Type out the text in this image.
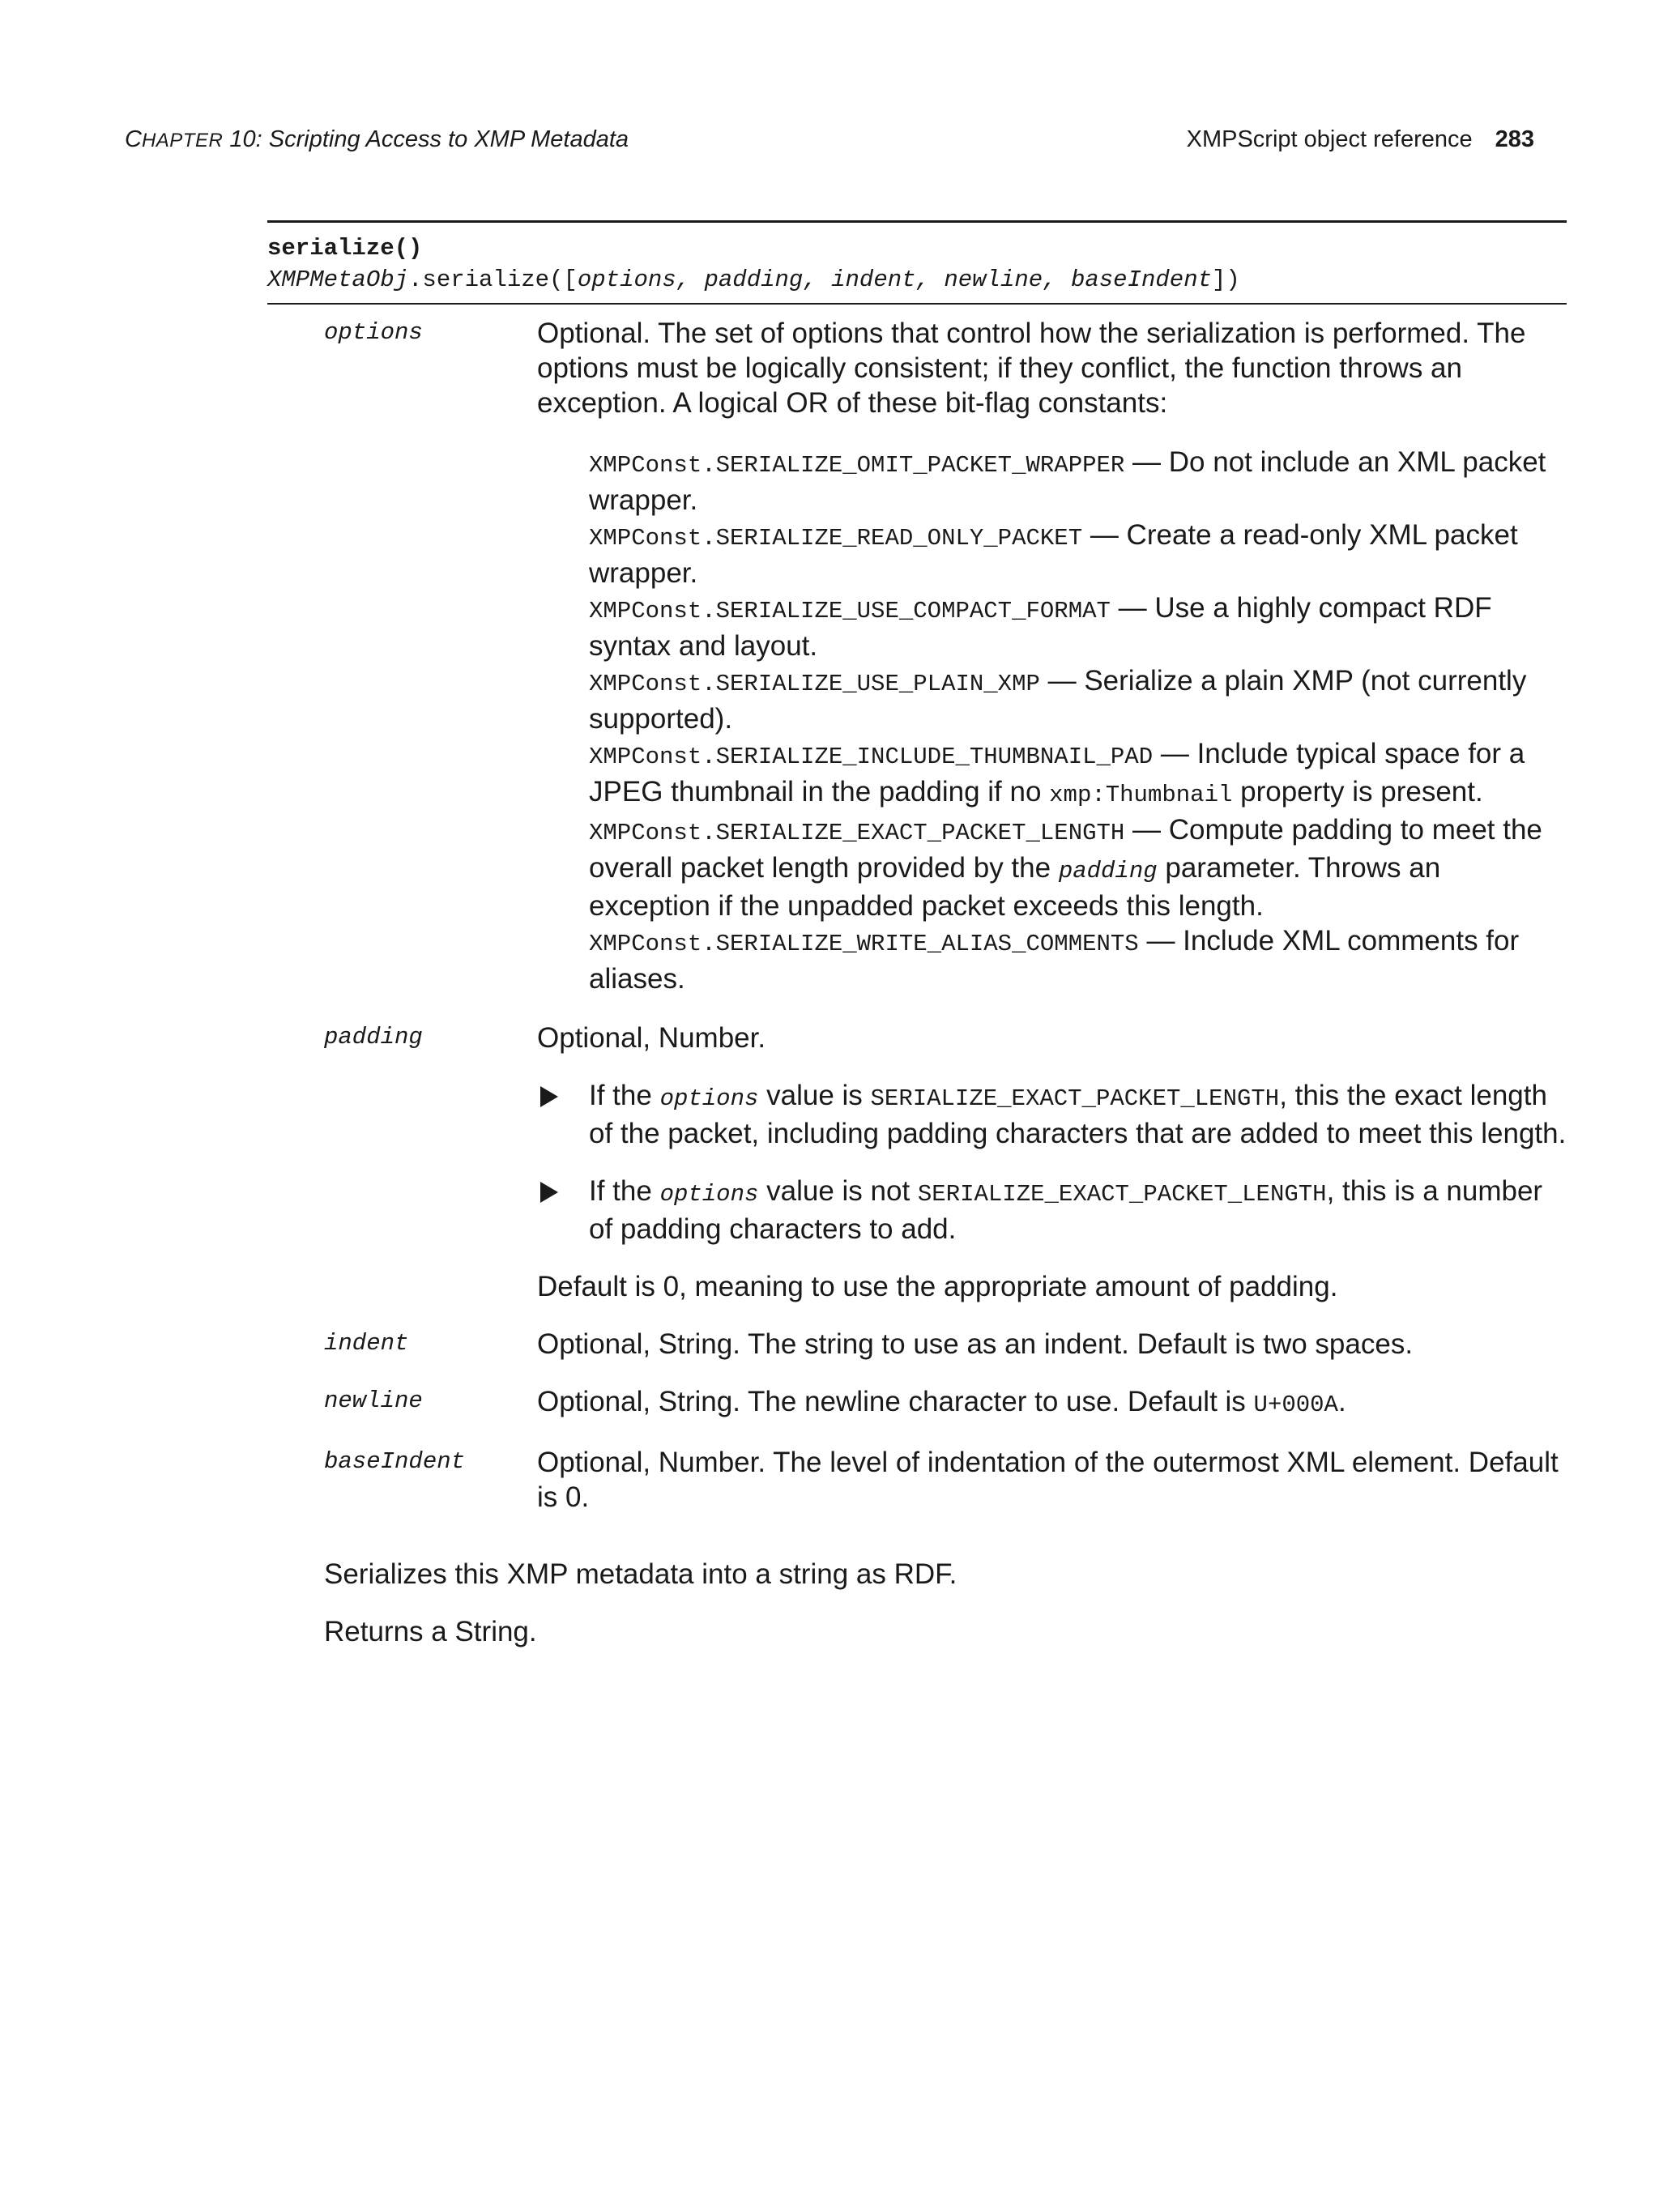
CHAPTER 10: Scripting Access to XMP Metadata	XMPScript object reference 283
serialize()
XMPMetaObj.serialize([options, padding, indent, newline, baseIndent])
options	Optional. The set of options that control how the serialization is performed. The options must be logically consistent; if they conflict, the function throws an exception. A logical OR of these bit-flag constants:

XMPConst.SERIALIZE_OMIT_PACKET_WRAPPER — Do not include an XML packet wrapper.
XMPConst.SERIALIZE_READ_ONLY_PACKET — Create a read-only XML packet wrapper.
XMPConst.SERIALIZE_USE_COMPACT_FORMAT — Use a highly compact RDF syntax and layout.
XMPConst.SERIALIZE_USE_PLAIN_XMP — Serialize a plain XMP (not currently supported).
XMPConst.SERIALIZE_INCLUDE_THUMBNAIL_PAD — Include typical space for a JPEG thumbnail in the padding if no xmp:Thumbnail property is present.
XMPConst.SERIALIZE_EXACT_PACKET_LENGTH — Compute padding to meet the overall packet length provided by the padding parameter. Throws an exception if the unpadded packet exceeds this length.
XMPConst.SERIALIZE_WRITE_ALIAS_COMMENTS — Include XML comments for aliases.
padding	Optional, Number.

If the options value is SERIALIZE_EXACT_PACKET_LENGTH, this the exact length of the packet, including padding characters that are added to meet this length.
If the options value is not SERIALIZE_EXACT_PACKET_LENGTH, this is a number of padding characters to add.

Default is 0, meaning to use the appropriate amount of padding.

indent	Optional, String. The string to use as an indent. Default is two spaces.

newline	Optional, String. The newline character to use. Default is U+000A.

baseIndent	Optional, Number. The level of indentation of the outermost XML element. Default is 0.

Serializes this XMP metadata into a string as RDF.

Returns a String.
